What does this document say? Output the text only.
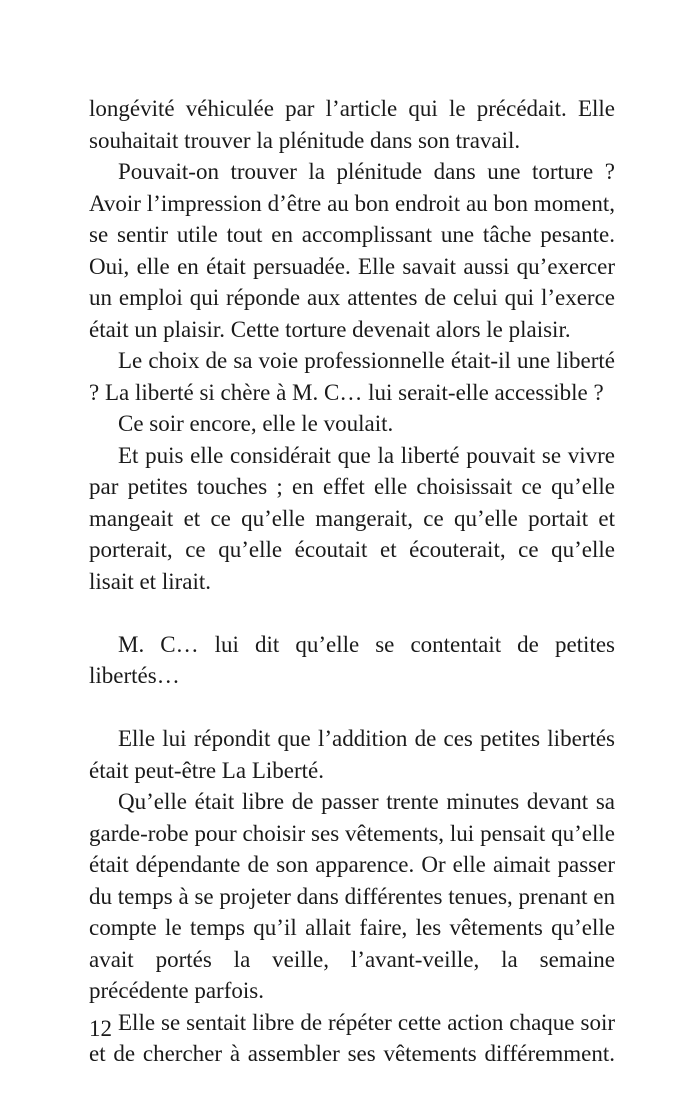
longévité véhiculée par l’article qui le précédait. Elle souhaitait trouver la plénitude dans son travail.

Pouvait-on trouver la plénitude dans une torture ? Avoir l’impression d’être au bon endroit au bon moment, se sentir utile tout en accomplissant une tâche pesante. Oui, elle en était persuadée. Elle savait aussi qu’exercer un emploi qui réponde aux attentes de celui qui l’exerce était un plaisir. Cette torture devenait alors le plaisir.

Le choix de sa voie professionnelle était-il une liberté ? La liberté si chère à M. C… lui serait-elle accessible ?

Ce soir encore, elle le voulait.

Et puis elle considérait que la liberté pouvait se vivre par petites touches ; en effet elle choisissait ce qu’elle mangeait et ce qu’elle mangerait, ce qu’elle portait et porterait, ce qu’elle écoutait et écouterait, ce qu’elle lisait et lirait.

M. C… lui dit qu’elle se contentait de petites libertés…

Elle lui répondit que l’addition de ces petites libertés était peut-être La Liberté.

Qu’elle était libre de passer trente minutes devant sa garde-robe pour choisir ses vêtements, lui pensait qu’elle était dépendante de son apparence. Or elle aimait passer du temps à se projeter dans différentes tenues, prenant en compte le temps qu’il allait faire, les vêtements qu’elle avait portés la veille, l’avant-veille, la semaine précédente parfois.

Elle se sentait libre de répéter cette action chaque soir et de chercher à assembler ses vêtements différemment.

12
